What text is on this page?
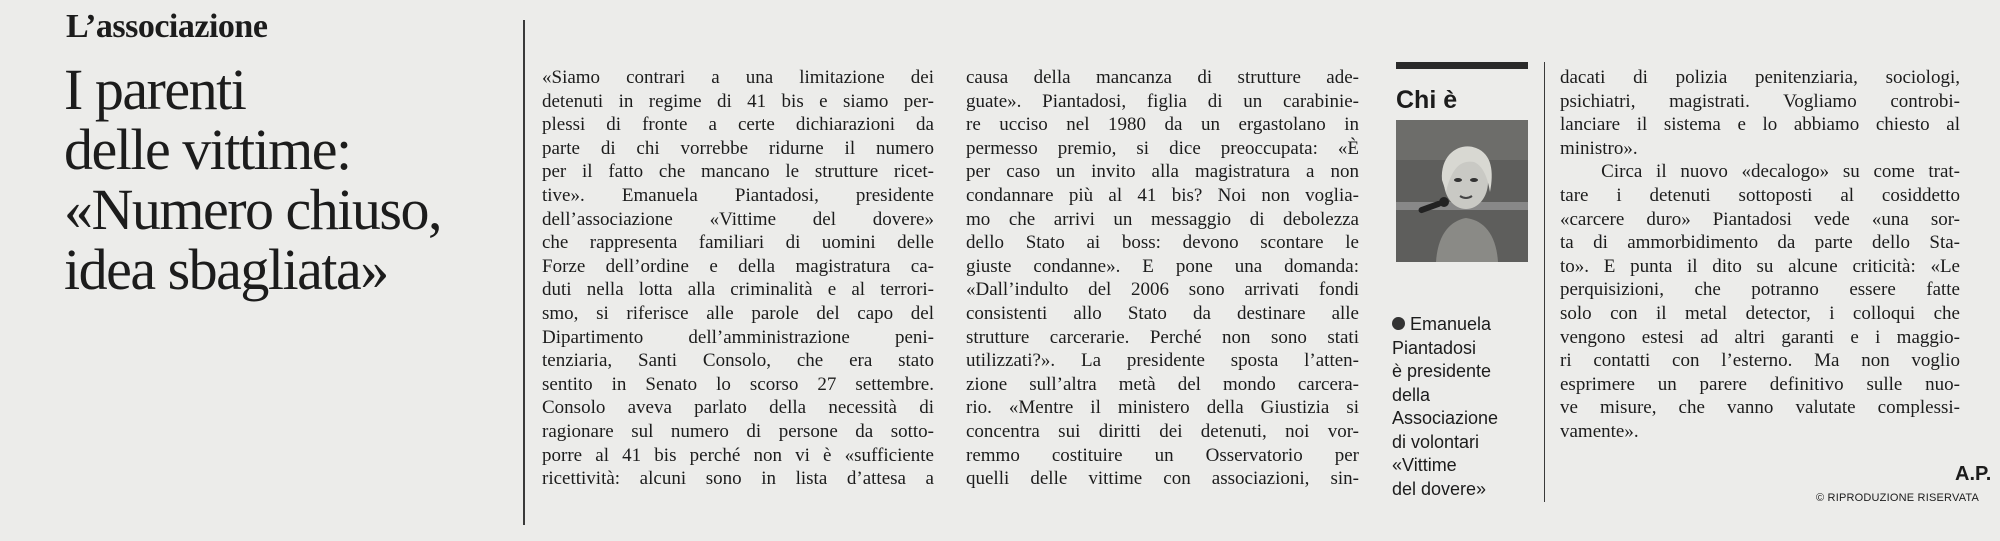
L’associazione
I parenti
delle vittime:
«Numero chiuso,
idea sbagliata»
«Siamo contrari a una limitazione dei
detenuti in regime di 41 bis e siamo per-
plessi di fronte a certe dichiarazioni da
parte di chi vorrebbe ridurne il numero
per il fatto che mancano le strutture ricet-
tive». Emanuela Piantadosi, presidente
dell’associazione «Vittime del dovere»
che rappresenta familiari di uomini delle
Forze dell’ordine e della magistratura ca-
duti nella lotta alla criminalità e al terrori-
smo, si riferisce alle parole del capo del
Dipartimento dell’amministrazione peni-
tenziaria, Santi Consolo, che era stato
sentito in Senato lo scorso 27 settembre.
Consolo aveva parlato della necessità di
ragionare sul numero di persone da sotto-
porre al 41 bis perché non vi è «sufficiente
ricettività: alcuni sono in lista d’attesa a
causa della mancanza di strutture ade-
guate». Piantadosi, figlia di un carabinie-
re ucciso nel 1980 da un ergastolano in
permesso premio, si dice preoccupata: «È
per caso un invito alla magistratura a non
condannare più al 41 bis? Noi non voglia-
mo che arrivi un messaggio di debolezza
dello Stato ai boss: devono scontare le
giuste condanne». E pone una domanda:
«Dall’indulto del 2006 sono arrivati fondi
consistenti allo Stato da destinare alle
strutture carcerarie. Perché non sono stati
utilizzati?». La presidente sposta l’atten-
zione sull’altra metà del mondo carcera-
rio. «Mentre il ministero della Giustizia si
concentra sui diritti dei detenuti, noi vor-
remmo costituire un Osservatorio per
quelli delle vittime con associazioni, sin-
Chi è
Emanuela
Piantadosi
è presidente
della
Associazione
di volontari
«Vittime
del dovere»
dacati di polizia penitenziaria, sociologi,
psichiatri, magistrati. Vogliamo controbi-
lanciare il sistema e lo abbiamo chiesto al
ministro».
Circa il nuovo «decalogo» su come trat-
tare i detenuti sottoposti al cosiddetto
«carcere duro» Piantadosi vede «una sor-
ta di ammorbidimento da parte dello Sta-
to». E punta il dito su alcune criticità: «Le
perquisizioni, che potranno essere fatte
solo con il metal detector, i colloqui che
vengono estesi ad altri garanti e i maggio-
ri contatti con l’esterno. Ma non voglio
esprimere un parere definitivo sulle nuo-
ve misure, che vanno valutate complessi-
vamente».
A.P.
© RIPRODUZIONE RISERVATA
